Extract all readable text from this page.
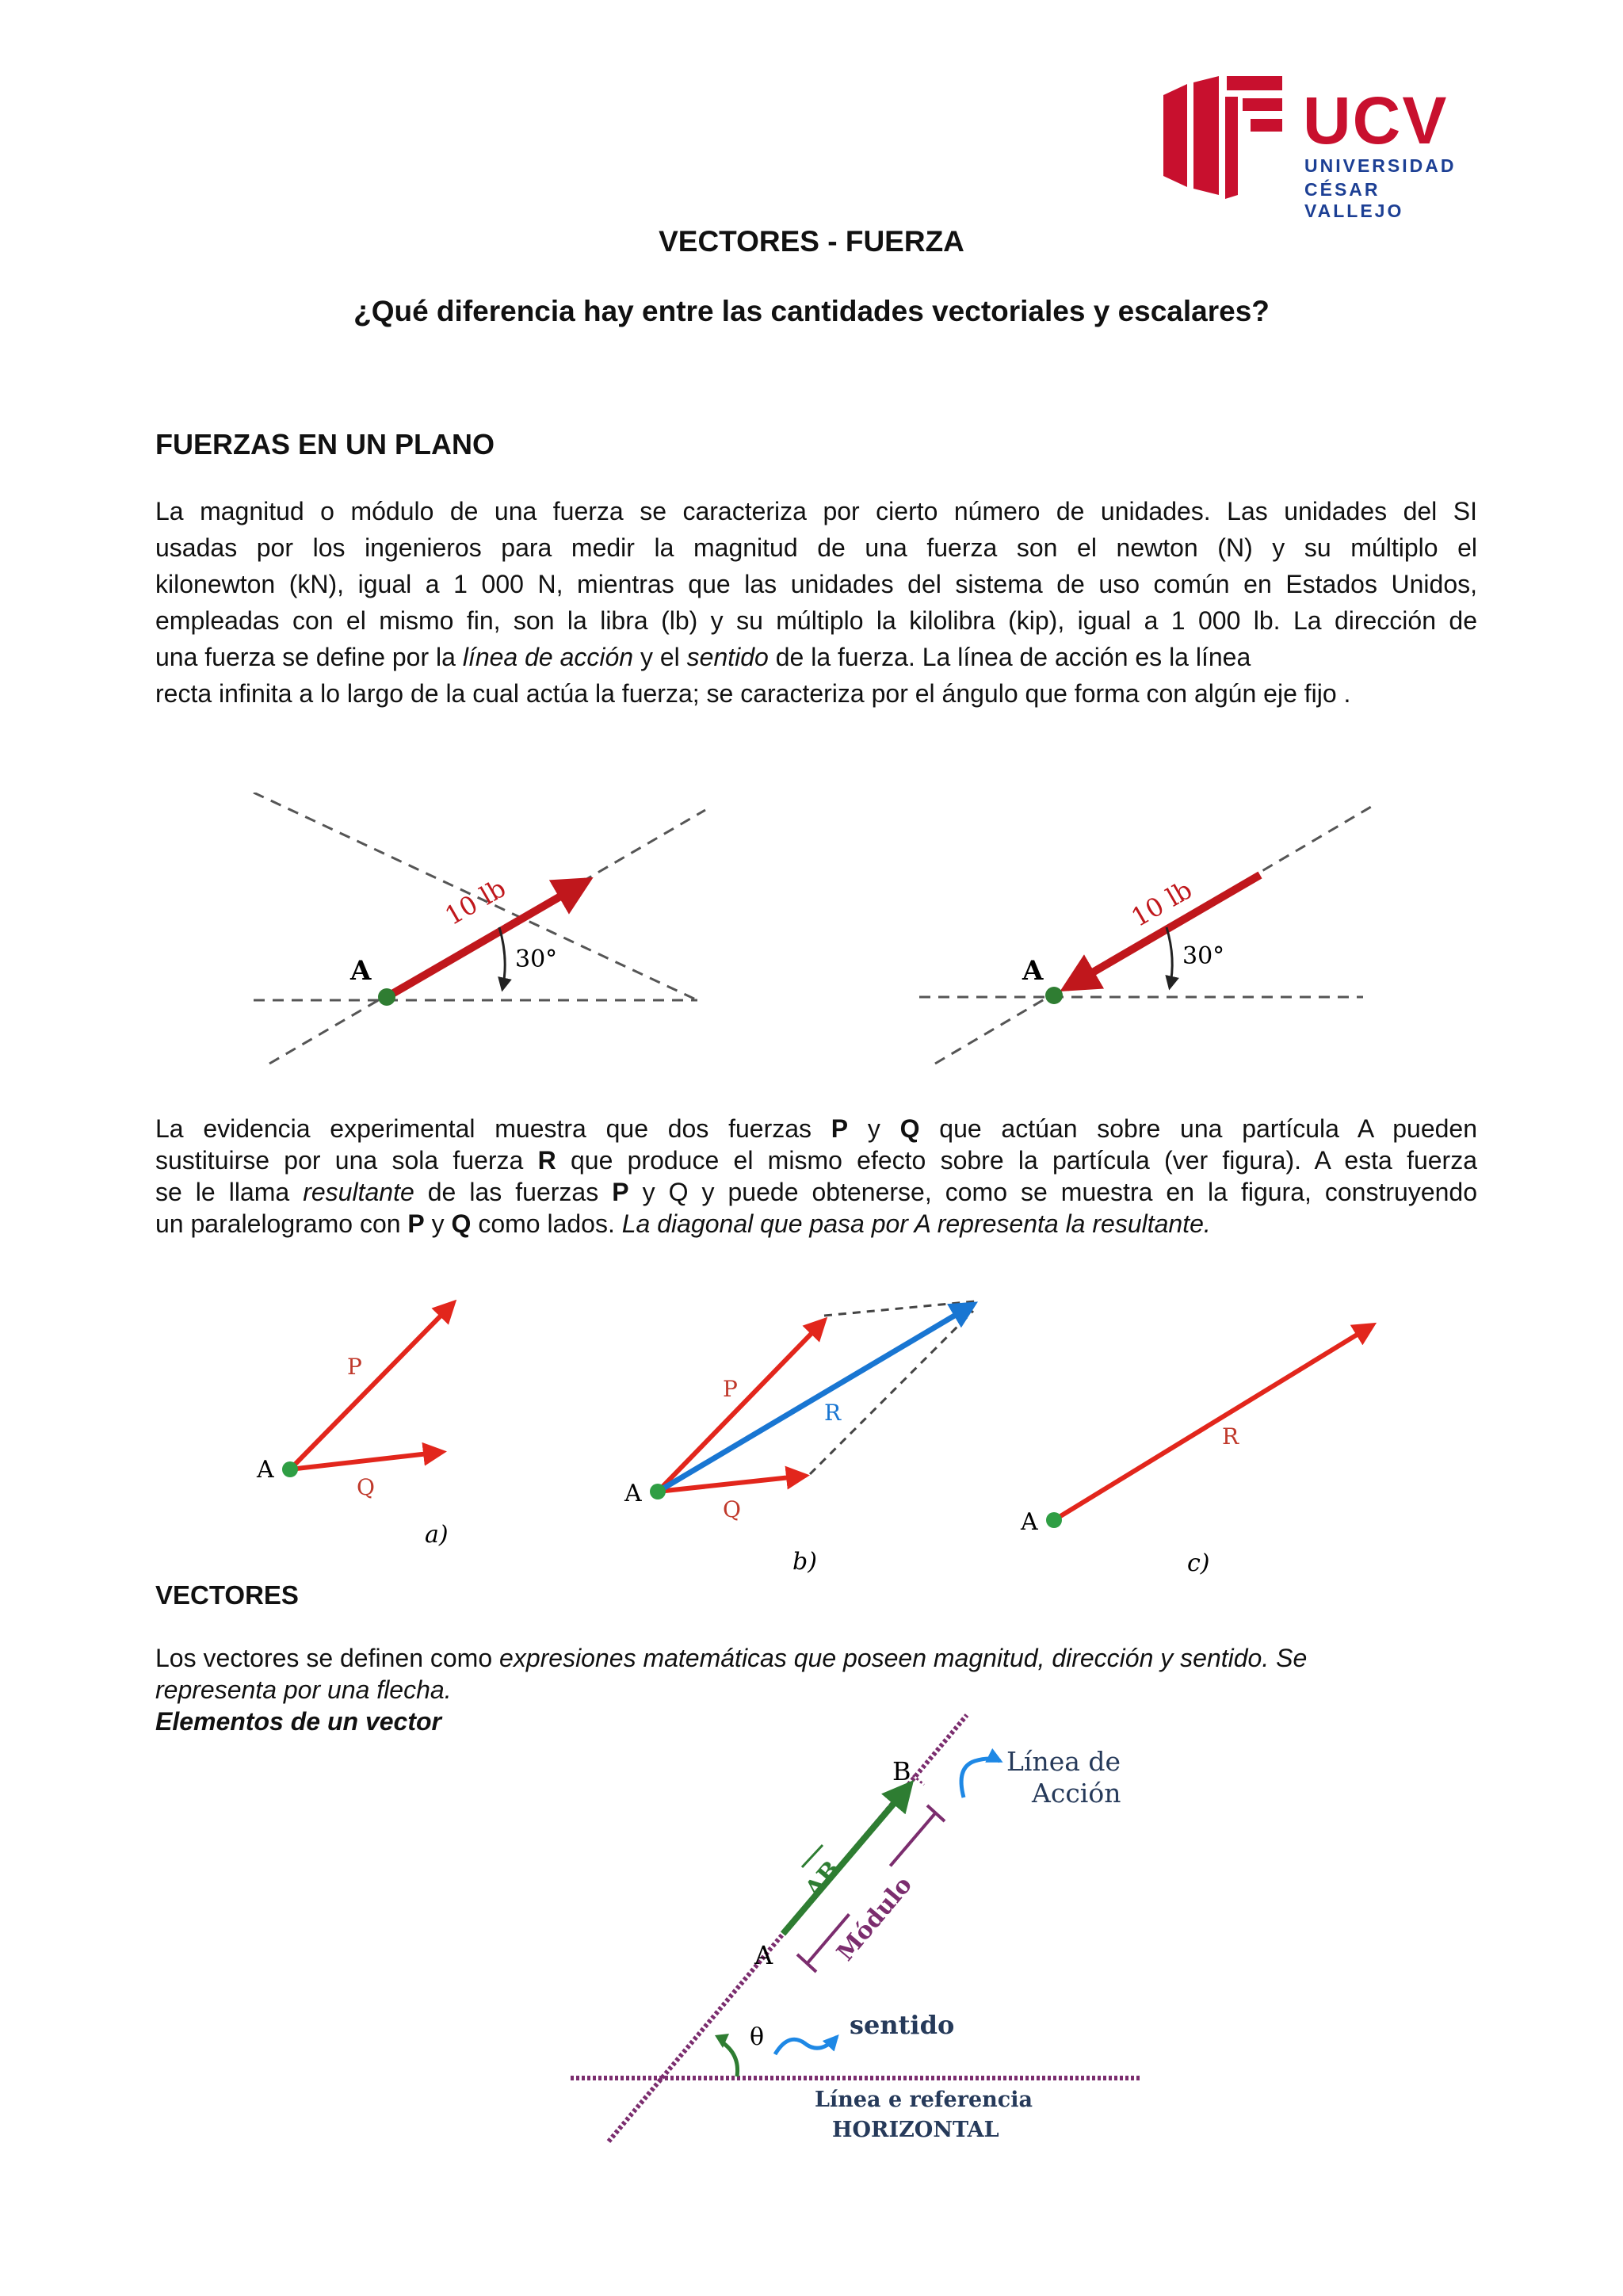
UCV
UNIVERSIDAD
CÉSAR VALLEJO
VECTORES - FUERZA
¿Qué diferencia hay entre las cantidades vectoriales y escalares?
FUERZAS EN UN PLANO
La magnitud o módulo de una fuerza se caracteriza por cierto número de unidades. Las unidades del SI
usadas por los ingenieros para medir la magnitud de una fuerza son el newton (N) y su múltiplo el
kilonewton (kN), igual a 1 000 N, mientras que las unidades del sistema de uso común en Estados Unidos,
empleadas con el mismo fin, son la libra (lb) y su múltiplo la kilolibra (kip), igual a 1 000 lb. La dirección de
una fuerza se define por la línea de acción y el sentido de la fuerza. La línea de acción es la línea
recta infinita a lo largo de la cual actúa la fuerza; se caracteriza por el ángulo que forma con algún eje fijo .
A
10 lb
30°	A
10 lb
30°
La evidencia experimental muestra que dos fuerzas P y Q que actúan sobre una partícula A pueden
sustituirse por una sola fuerza R que produce el mismo efecto sobre la partícula (ver figura). A esta fuerza
se le llama resultante de las fuerzas P y Q y puede obtenerse, como se muestra en la figura, construyendo
un paralelogramo con P y Q como lados. La diagonal que pasa por A representa la resultante.
A
P
Q
a)
A
P
Q
R
b)
A
R
c)
VECTORES
Los vectores se definen como expresiones matemáticas que poseen magnitud, dirección y sentido. Se
representa por una flecha.
Elementos de un vector
B
A
AB
Módulo
Línea de
Acción
θ	sentido
Línea e referencia
HORIZONTAL
